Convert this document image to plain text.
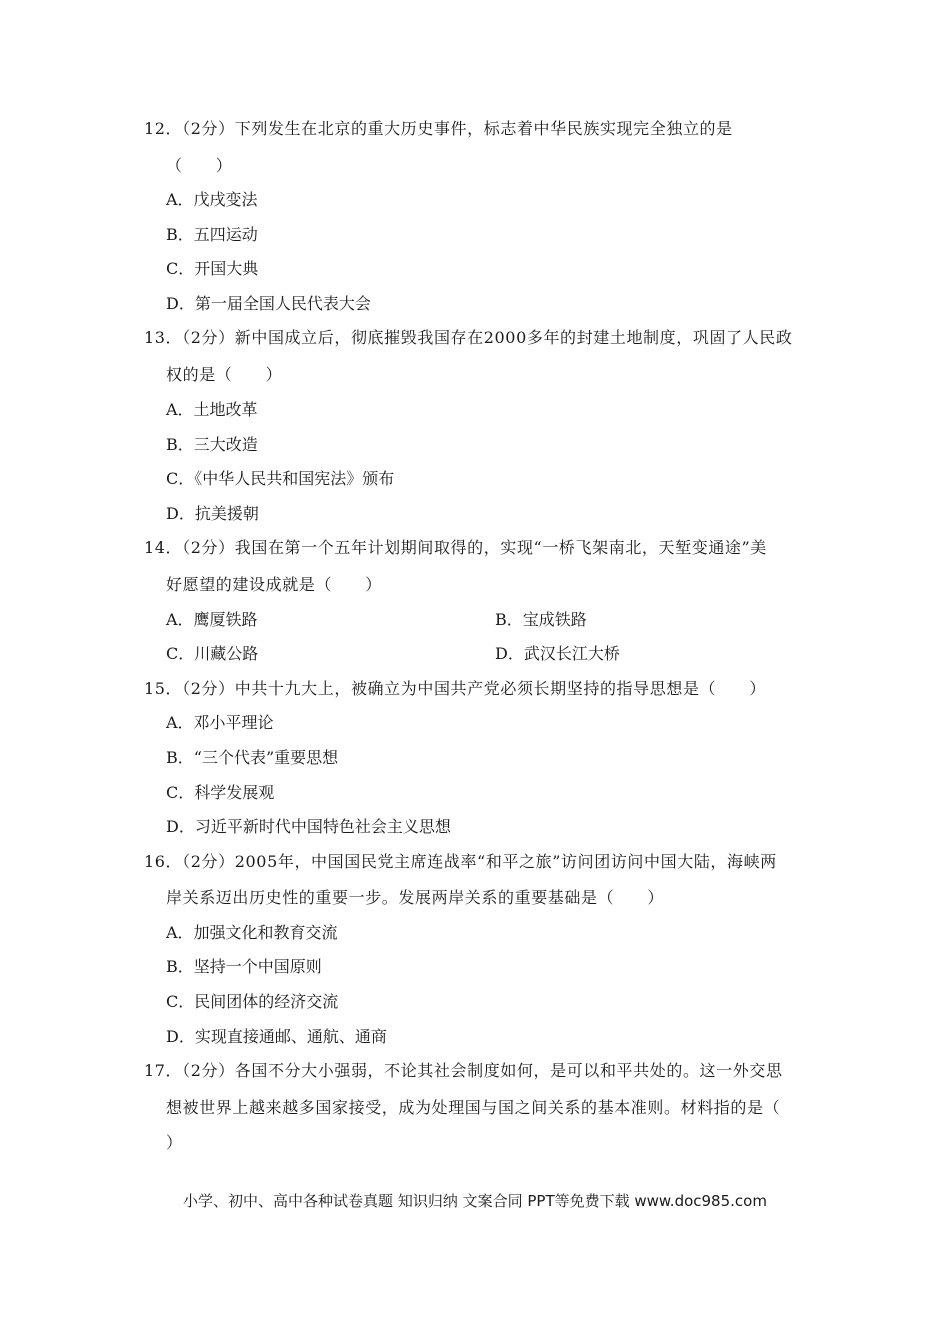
12．（2分）下列发生在北京的重大历史事件，标志着中华民族实现完全独立的是
（　　）
A．戊戌变法
B．五四运动
C．开国大典
D．第一届全国人民代表大会
13．（2分）新中国成立后，彻底摧毁我国存在2000多年的封建土地制度，巩固了人民政
权的是（　　）
A．土地改革
B．三大改造
C．《中华人民共和国宪法》颁布
D．抗美援朝
14．（2分）我国在第一个五年计划期间取得的，实现“一桥飞架南北，天堑变通途”美
好愿望的建设成就是（　　）
A．鹰厦铁路	B．宝成铁路
C．川藏公路	D．武汉长江大桥
15．（2分）中共十九大上，被确立为中国共产党必须长期坚持的指导思想是（　　）
A．邓小平理论
B．“三个代表”重要思想
C．科学发展观
D．习近平新时代中国特色社会主义思想
16．（2分）2005年，中国国民党主席连战率“和平之旅”访问团访问中国大陆，海峡两
岸关系迈出历史性的重要一步。发展两岸关系的重要基础是（　　）
A．加强文化和教育交流
B．坚持一个中国原则
C．民间团体的经济交流
D．实现直接通邮、通航、通商
17．（2分）各国不分大小强弱，不论其社会制度如何，是可以和平共处的。这一外交思
想被世界上越来越多国家接受，成为处理国与国之间关系的基本准则。材料指的是（
）
小学、初中、高中各种试卷真题 知识归纳 文案合同 PPT等免费下载 www.doc985.com
